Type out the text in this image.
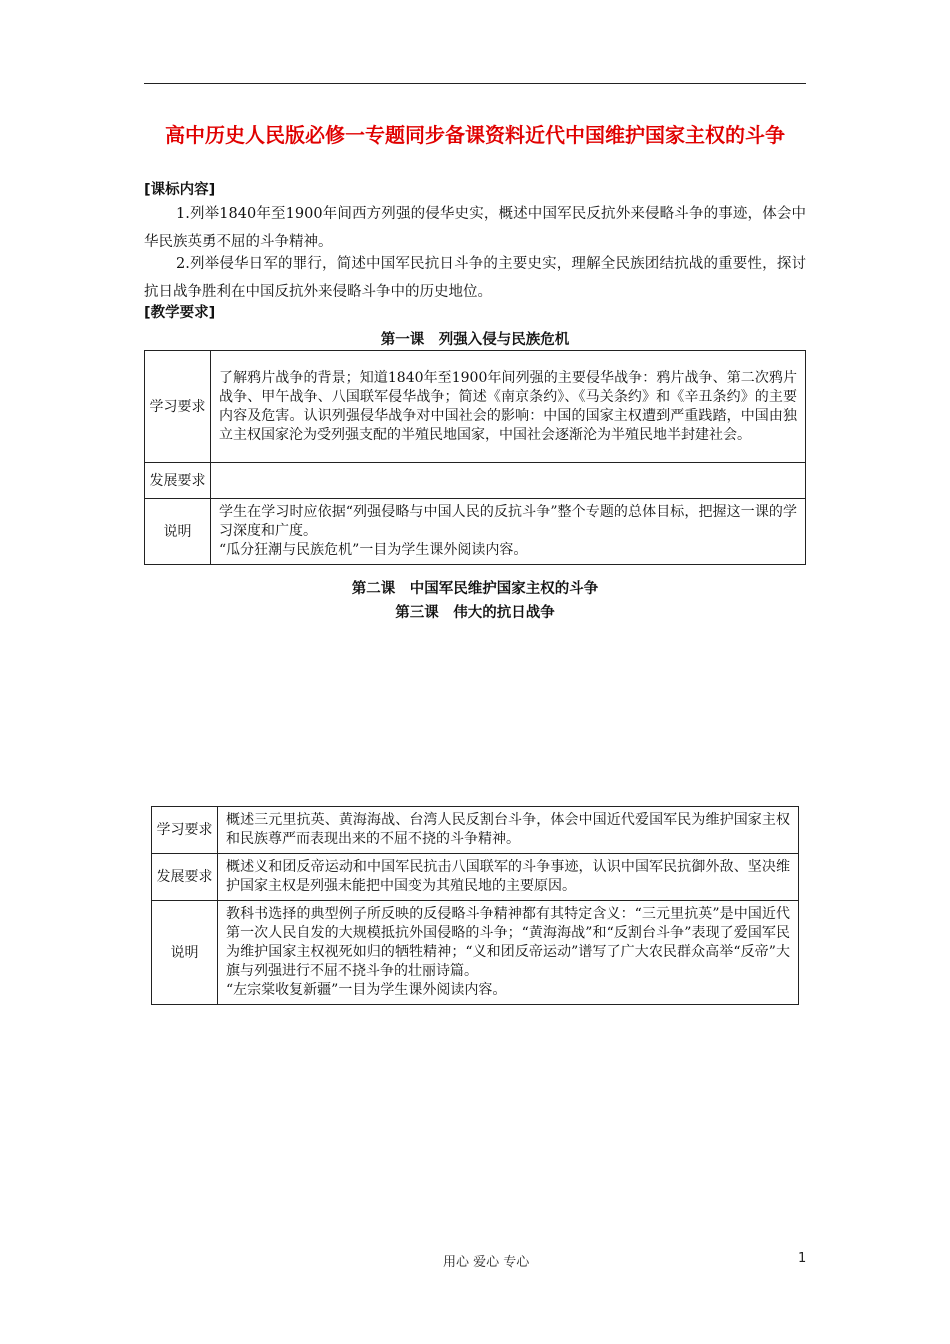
高中历史人民版必修一专题同步备课资料近代中国维护国家主权的斗争
[课标内容]

1.列举1840年至1900年间西方列强的侵华史实，概述中国军民反抗外来侵略斗争的事迹，体会中华民族英勇不屈的斗争精神。

2.列举侵华日军的罪行，简述中国军民抗日斗争的主要史实，理解全民族团结抗战的重要性，探讨抗日战争胜利在中国反抗外来侵略斗争中的历史地位。

[教学要求]
第一课　列强入侵与民族危机
学习要求	了解鸦片战争的背景；知道1840年至1900年间列强的主要侵华战争：鸦片战争、第二次鸦片战争、甲午战争、八国联军侵华战争；简述《南京条约》、《马关条约》和《辛丑条约》的主要内容及危害。认识列强侵华战争对中国社会的影响：中国的国家主权遭到严重践踏，中国由独立主权国家沦为受列强支配的半殖民地国家，中国社会逐渐沦为半殖民地半封建社会。
发展要求	
说明	学生在学习时应依据“列强侵略与中国人民的反抗斗争”整个专题的总体目标，把握这一课的学习深度和广度。
“瓜分狂潮与民族危机”一目为学生课外阅读内容。
第二课　中国军民维护国家主权的斗争
第三课　伟大的抗日战争
学习要求	概述三元里抗英、黄海海战、台湾人民反割台斗争，体会中国近代爱国军民为维护国家主权和民族尊严而表现出来的不屈不挠的斗争精神。
发展要求	概述义和团反帝运动和中国军民抗击八国联军的斗争事迹，认识中国军民抗御外敌、坚决维护国家主权是列强未能把中国变为其殖民地的主要原因。
说明	教科书选择的典型例子所反映的反侵略斗争精神都有其特定含义：“三元里抗英”是中国近代第一次人民自发的大规模抵抗外国侵略的斗争；“黄海海战”和“反割台斗争”表现了爱国军民为维护国家主权视死如归的牺牲精神；“义和团反帝运动”谱写了广大农民群众高举“反帝”大旗与列强进行不屈不挠斗争的壮丽诗篇。
“左宗棠收复新疆”一目为学生课外阅读内容。
用心 爱心 专心	1
